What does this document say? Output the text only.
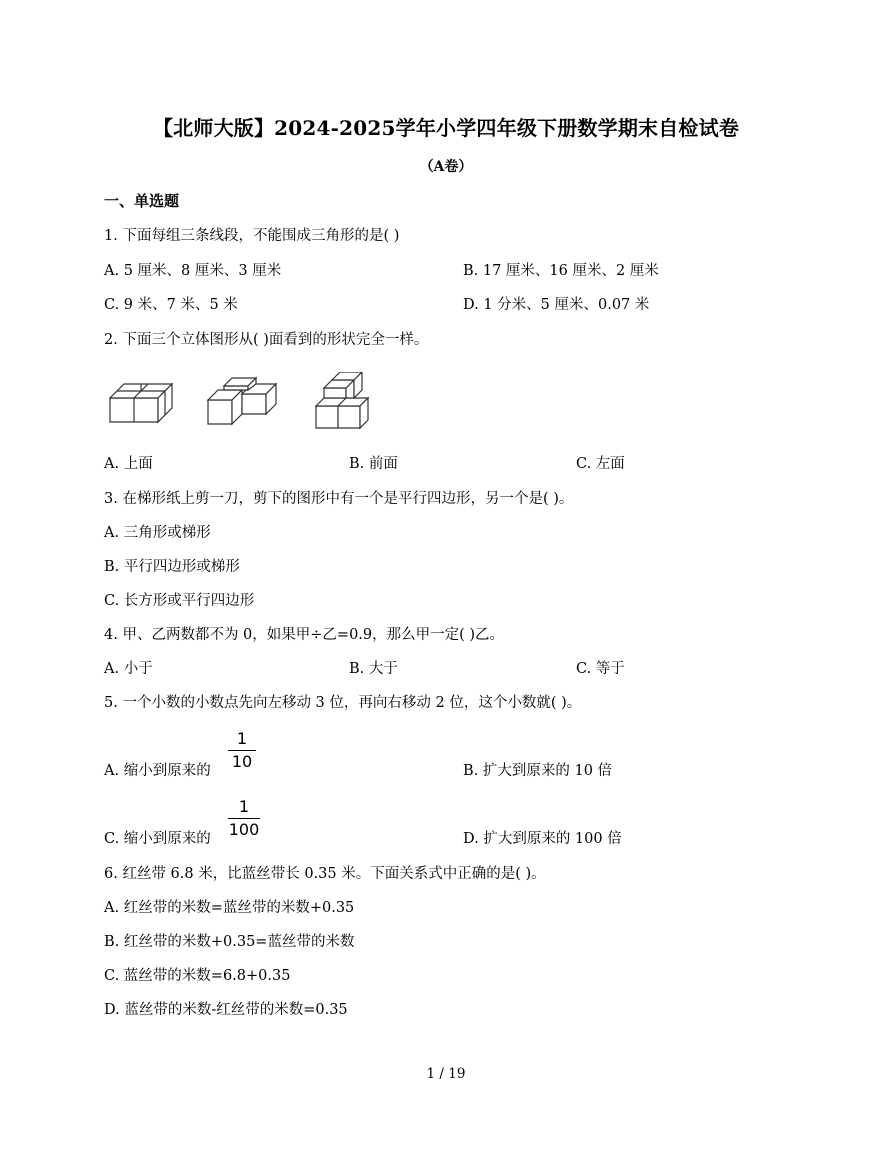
【北师大版】2024-2025学年小学四年级下册数学期末自检试卷
（A卷）
一、单选题
1. 下面每组三条线段，不能围成三角形的是( )
A. 5 厘米、8 厘米、3 厘米	B. 17 厘米、16 厘米、2 厘米
C. 9 米、7 米、5 米	D. 1 分米、5 厘米、0.07 米
2. 下面三个立体图形从( )面看到的形状完全一样。
A. 上面	B. 前面	C. 左面
3. 在梯形纸上剪一刀，剪下的图形中有一个是平行四边形，另一个是( )。
A. 三角形或梯形
B. 平行四边形或梯形
C. 长方形或平行四边形
4. 甲、乙两数都不为 0，如果甲÷乙=0.9，那么甲一定( )乙。
A. 小于	B. 大于	C. 等于
5. 一个小数的小数点先向左移动 3 位，再向右移动 2 位，这个小数就( )。
A. 缩小到原来的
1
10	B. 扩大到原来的 10 倍
C. 缩小到原来的
1
100	D. 扩大到原来的 100 倍
6. 红丝带 6.8 米，比蓝丝带长 0.35 米。下面关系式中正确的是( )。
A. 红丝带的米数=蓝丝带的米数+0.35
B. 红丝带的米数+0.35=蓝丝带的米数
C. 蓝丝带的米数=6.8+0.35
D. 蓝丝带的米数-红丝带的米数=0.35
1 / 19
